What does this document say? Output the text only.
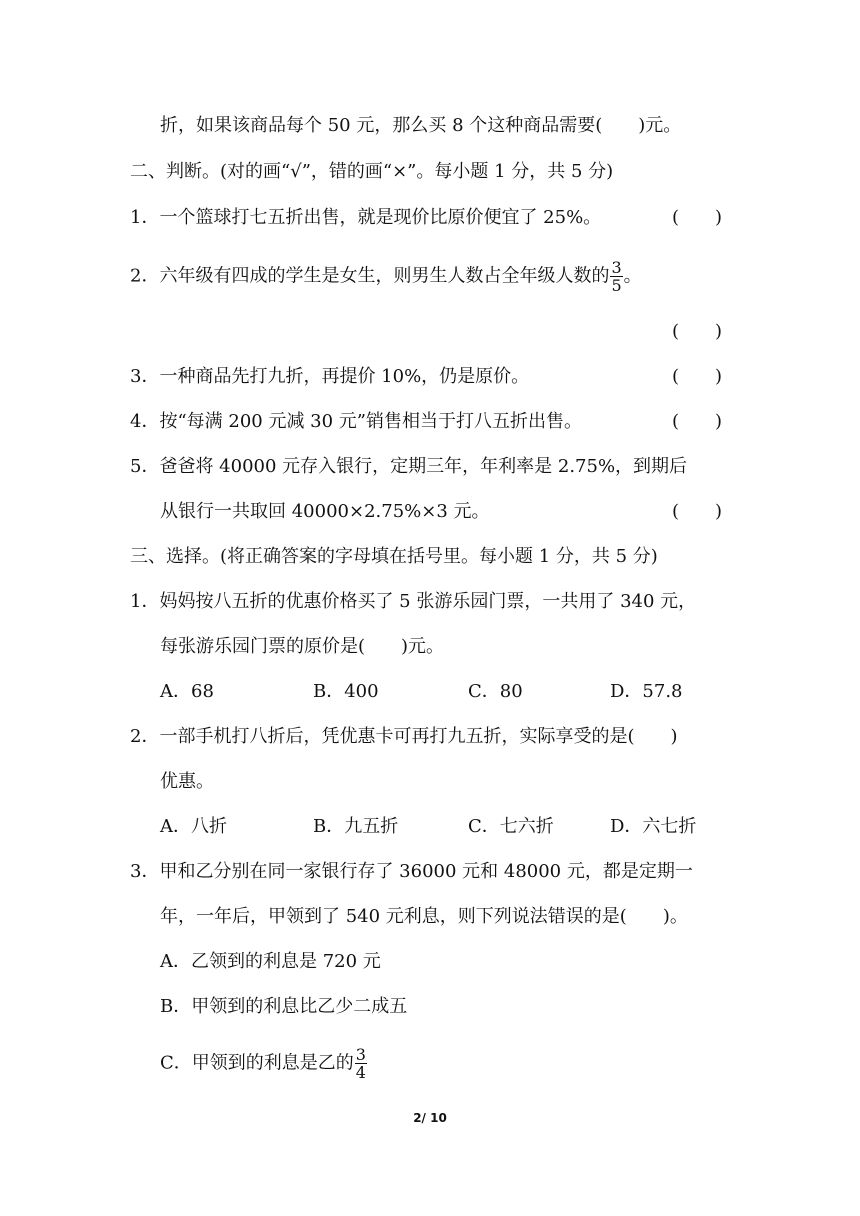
折，如果该商品每个 50 元，那么买 8 个这种商品需要(　　)元。
二、判断。(对的画“√”，错的画“×”。每小题 1 分，共 5 分)
1．一个篮球打七五折出售，就是现价比原价便宜了 25%。	(　　)
2．六年级有四成的学生是女生，则男生人数占全年级人数的 $\frac{3}{5}$ 。
(　　)
3．一种商品先打九折，再提价 10%，仍是原价。	(　　)
4．按“每满 200 元减 30 元”销售相当于打八五折出售。	(　　)
5．爸爸将 40000 元存入银行，定期三年，年利率是 2.75%，到期后
从银行一共取回 40000×2.75%×3 元。	(　　)
三、选择。(将正确答案的字母填在括号里。每小题 1 分，共 5 分)
1．妈妈按八五折的优惠价格买了 5 张游乐园门票，一共用了 340 元，
每张游乐园门票的原价是(　　)元。
A．68	B．400	C．80	D．57.8
2．一部手机打八折后，凭优惠卡可再打九五折，实际享受的是(　　)
优惠。
A．八折	B．九五折	C．七六折	D．六七折
3．甲和乙分别在同一家银行存了 36000 元和 48000 元，都是定期一
年，一年后，甲领到了 540 元利息，则下列说法错误的是(　　)。
A．乙领到的利息是 720 元
B．甲领到的利息比乙少二成五
C．甲领到的利息是乙的 $\frac{3}{4}$
2/ 10
